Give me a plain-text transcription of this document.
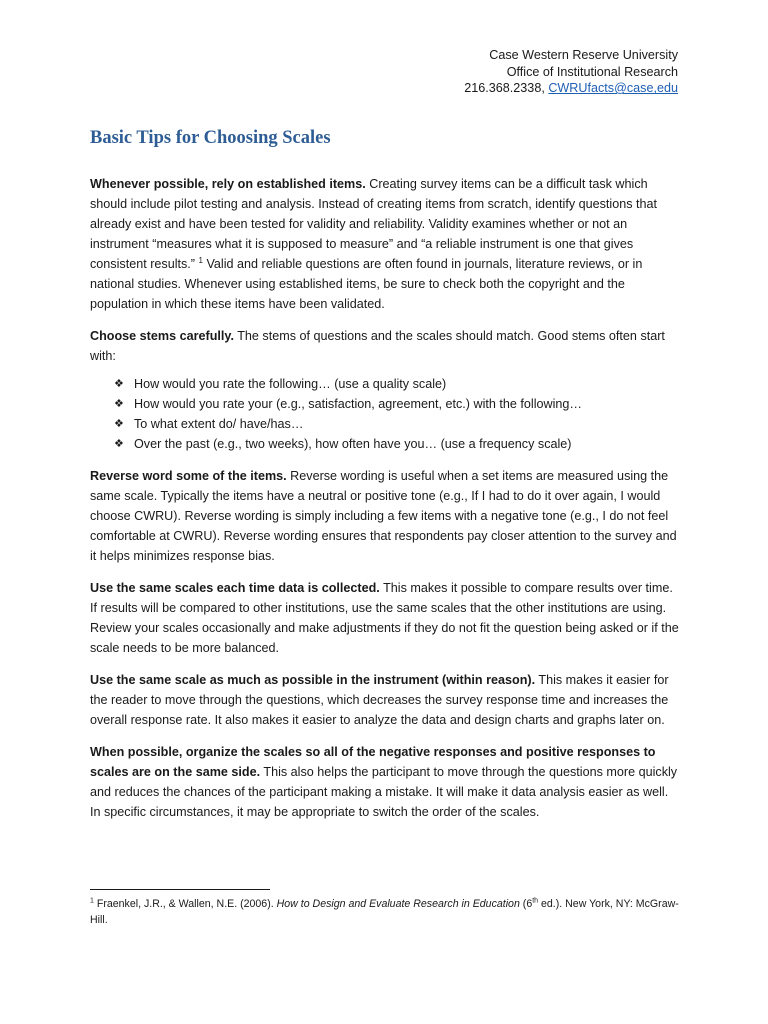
Case Western Reserve University
Office of Institutional Research
216.368.2338, CWRUfacts@case,edu
Basic Tips for Choosing Scales

Whenever possible, rely on established items. Creating survey items can be a difficult task which should include pilot testing and analysis. Instead of creating items from scratch, identify questions that already exist and have been tested for validity and reliability. Validity examines whether or not an instrument “measures what it is supposed to measure” and “a reliable instrument is one that gives consistent results.” $^1$ Valid and reliable questions are often found in journals, literature reviews, or in national studies. Whenever using established items, be sure to check both the copyright and the population in which these items have been validated.

Choose stems carefully. The stems of questions and the scales should match. Good stems often start with:

❖ How would you rate the following… (use a quality scale)
❖ How would you rate your (e.g., satisfaction, agreement, etc.) with the following…
❖ To what extent do/ have/has…
❖ Over the past (e.g., two weeks), how often have you… (use a frequency scale)

Reverse word some of the items. Reverse wording is useful when a set items are measured using the same scale. Typically the items have a neutral or positive tone (e.g., If I had to do it over again, I would choose CWRU). Reverse wording is simply including a few items with a negative tone (e.g., I do not feel comfortable at CWRU). Reverse wording ensures that respondents pay closer attention to the survey and it helps minimizes response bias.

Use the same scales each time data is collected. This makes it possible to compare results over time. If results will be compared to other institutions, use the same scales that the other institutions are using. Review your scales occasionally and make adjustments if they do not fit the question being asked or if the scale needs to be more balanced.

Use the same scale as much as possible in the instrument (within reason). This makes it easier for the reader to move through the questions, which decreases the survey response time and increases the overall response rate. It also makes it easier to analyze the data and design charts and graphs later on.

When possible, organize the scales so all of the negative responses and positive responses to scales are on the same side. This also helps the participant to move through the questions more quickly and reduces the chances of the participant making a mistake. It will make it data analysis easier as well. In specific circumstances, it may be appropriate to switch the order of the scales.

$^1$ Fraenkel, J.R., & Wallen, N.E. (2006). How to Design and Evaluate Research in Education (6th ed.). New York, NY: McGraw-Hill.
